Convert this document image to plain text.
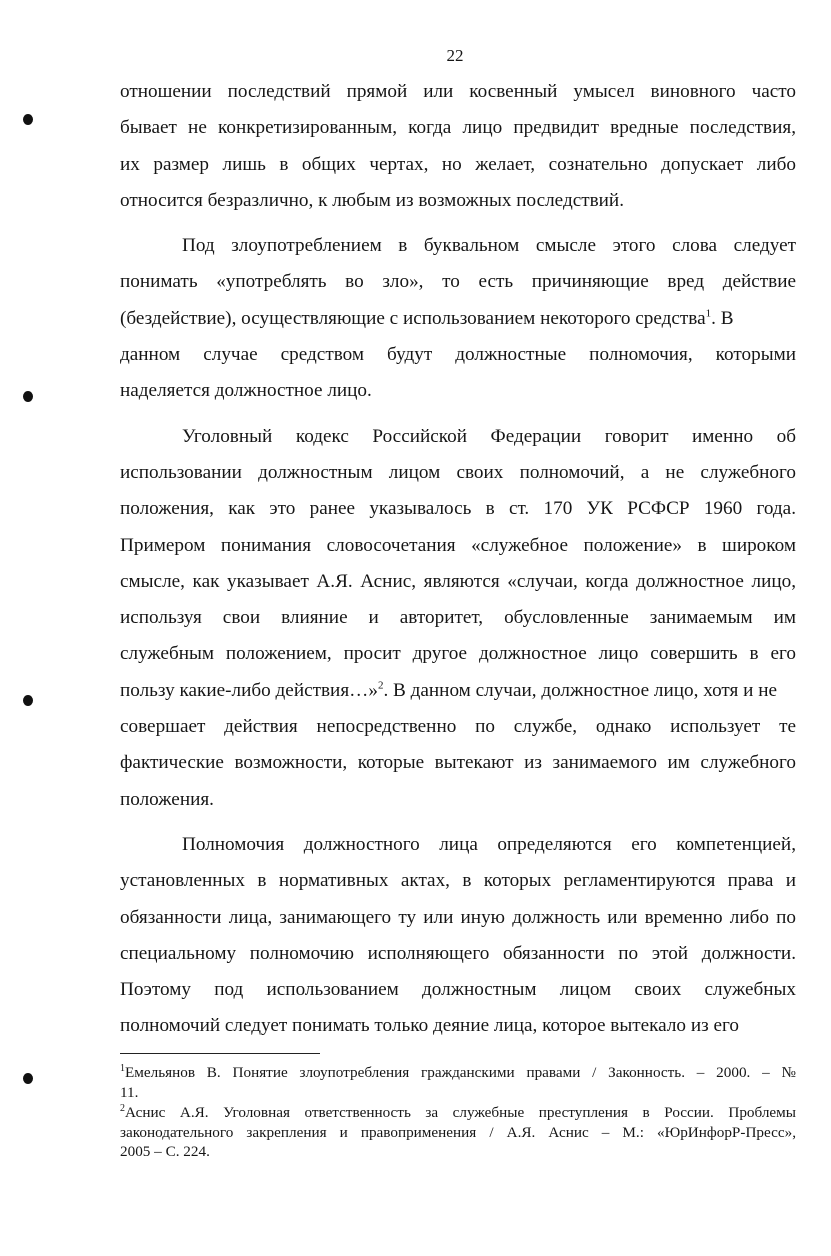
22
отношении последствий прямой или косвенный умысел виновного часто
бывает не конкретизированным, когда лицо предвидит вредные последствия,
их размер лишь в общих чертах, но желает, сознательно допускает либо
относится безразлично, к любым из возможных последствий.
Под злоупотреблением в буквальном смысле этого слова следует
понимать «употреблять во зло», то есть причиняющие вред действие
(бездействие), осуществляющие с использованием некоторого средства$^1$. В
данном случае средством будут должностные полномочия, которыми
наделяется должностное лицо.
Уголовный кодекс Российской Федерации говорит именно об
использовании должностным лицом своих полномочий, а не служебного
положения, как это ранее указывалось в ст. 170 УК РСФСР 1960 года.
Примером понимания словосочетания «служебное положение» в широком
смысле, как указывает А.Я. Аснис, являются «случаи, когда должностное лицо,
используя свои влияние и авторитет, обусловленные занимаемым им
служебным положением, просит другое должностное лицо совершить в его
пользу какие-либо действия…»$^2$. В данном случаи, должностное лицо, хотя и не
совершает действия непосредственно по службе, однако использует те
фактические возможности, которые вытекают из занимаемого им служебного
положения.
Полномочия должностного лица определяются его компетенцией,
установленных в нормативных актах, в которых регламентируются права и
обязанности лица, занимающего ту или иную должность или временно либо по
специальному полномочию исполняющего обязанности по этой должности.
Поэтому под использованием должностным лицом своих служебных
полномочий следует понимать только деяние лица, которое вытекало из его
$^1$Емельянов В. Понятие злоупотребления гражданскими правами / Законность. – 2000. – №
11.
$^2$Аснис А.Я. Уголовная ответственность за служебные преступления в России. Проблемы
законодательного закрепления и правоприменения / А.Я. Аснис – М.: «ЮрИнфорР-Пресс»,
2005 – С. 224.
